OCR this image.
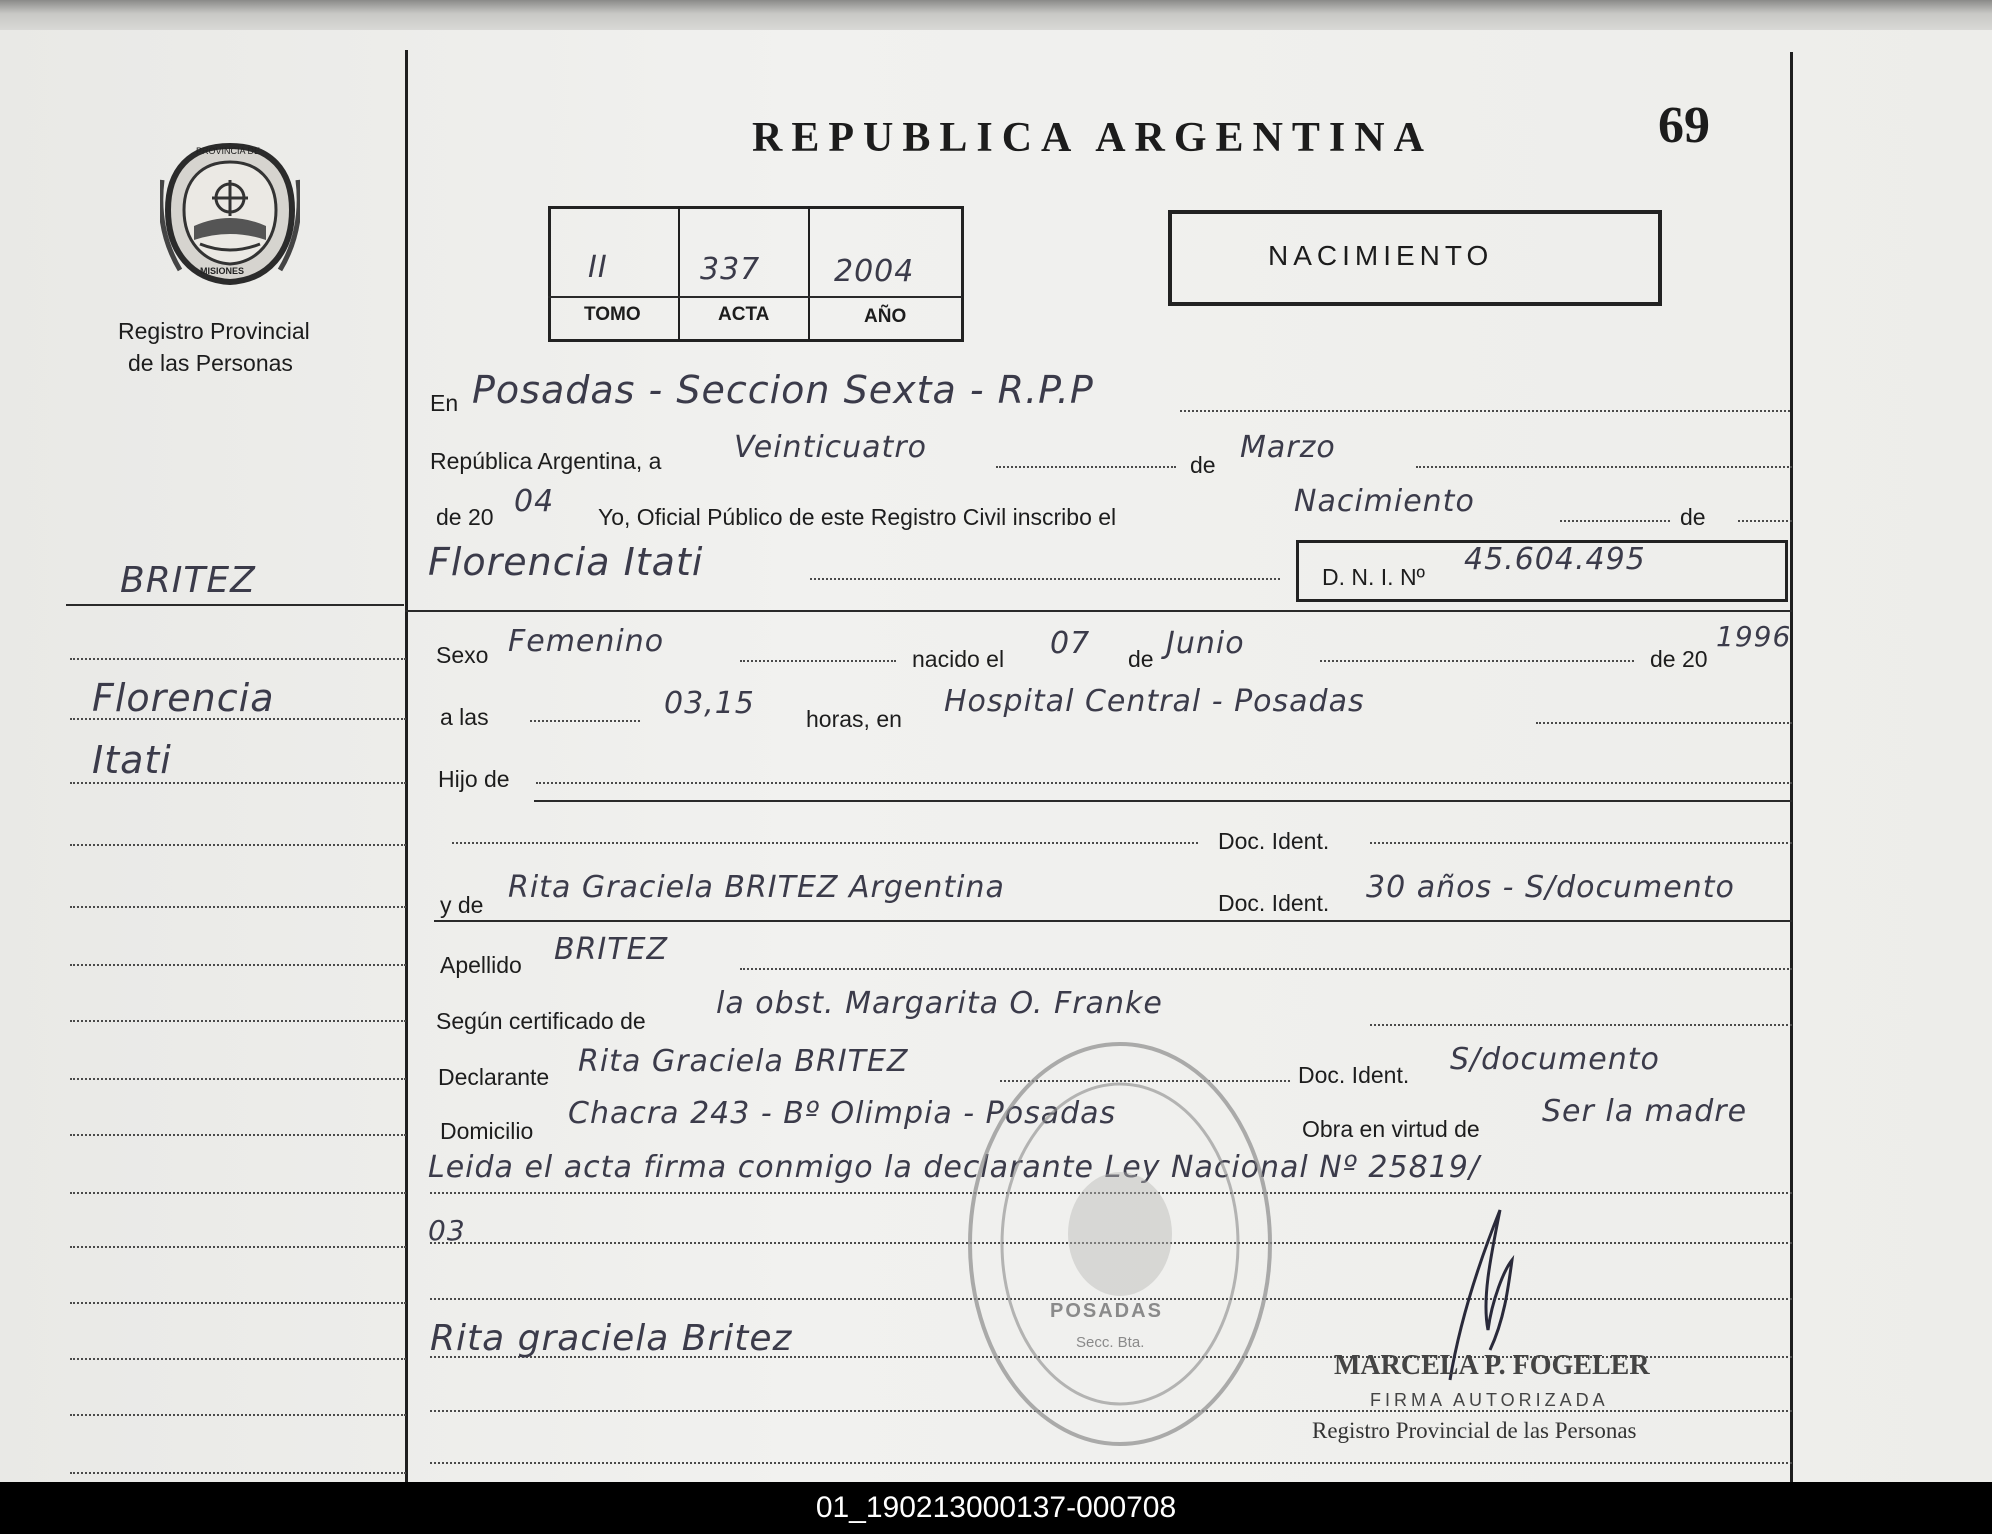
PROVINCIA DE
MISIONES
Registro Provincial
de las Personas
REPUBLICA ARGENTINA	69
II	337 2004
TOMO	ACTA	AÑO
NACIMIENTO
BRITEZ
Florencia
Itati
En Posadas - Seccion Sexta - R.P.P
República Argentina, a Veinticuatro	de Marzo
de 20 04 Yo, Oficial Público de este Registro Civil inscribo el	Nacimiento	de
Florencia Itati	D. N. I. Nº 45.604.495
Sexo Femenino	nacido el 07 de Junio	de 20
1996
a las	03,15 horas, en Hospital Central - Posadas
Hijo de
Doc. Ident.
y de Rita Graciela BRITEZ Argentina	Doc. Ident. 30 años - S/documento
Apellido BRITEZ
Según certificado de la obst. Margarita O. Franke
Declarante Rita Graciela BRITEZ	Doc. Ident. S/documento
Domicilio Chacra 243 - Bº Olimpia - Posadas	Obra en virtud de Ser la madre
Leida el acta firma conmigo la declarante Ley Nacional Nº 25819/
03
Rita graciela Britez
POSADAS
Secc. Bta.
MARCELA P. FOGELER
FIRMA AUTORIZADA
Registro Provincial de las Personas
01_190213000137-000708
